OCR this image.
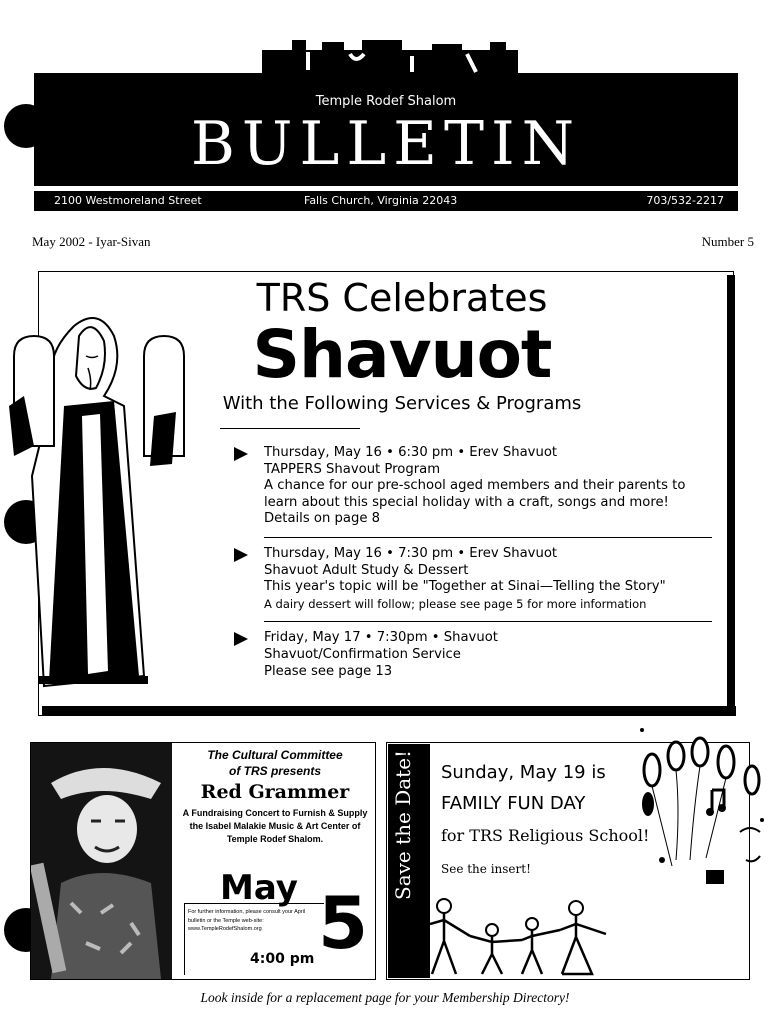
Temple Rodef Shalom
BULLETIN
2100 Westmoreland Street	Falls Church, Virginia 22043	703/532-2217
May 2002 - Iyar-Sivan	Number 5
TRS Celebrates
Shavuot
With the Following Services & Programs
Thursday, May 16 • 6:30 pm • Erev Shavuot
TAPPERS Shavout Program
A chance for our pre-school aged members and their parents to learn about this special holiday with a craft, songs and more!
Details on page 8
Thursday, May 16 • 7:30 pm • Erev Shavuot
Shavuot Adult Study & Dessert
This year's topic will be "Together at Sinai—Telling the Story"
A dairy dessert will follow; please see page 5 for more information
Friday, May 17 • 7:30pm • Shavuot
Shavuot/Confirmation Service
Please see page 13
The Cultural Committee
of TRS presents
Red Grammer
A Fundraising Concert to Furnish & Supply the Isabel Malakie Music & Art Center of Temple Rodef Shalom.
May
For further information, please consult your April bulletin or the Temple web-site: www.TempleRodefShalom.org
4:00 pm 5
Save the Date! Sunday, May 19 is
FAMILY FUN DAY
for TRS Religious School!
See the insert!
Look inside for a replacement page for your Membership Directory!
